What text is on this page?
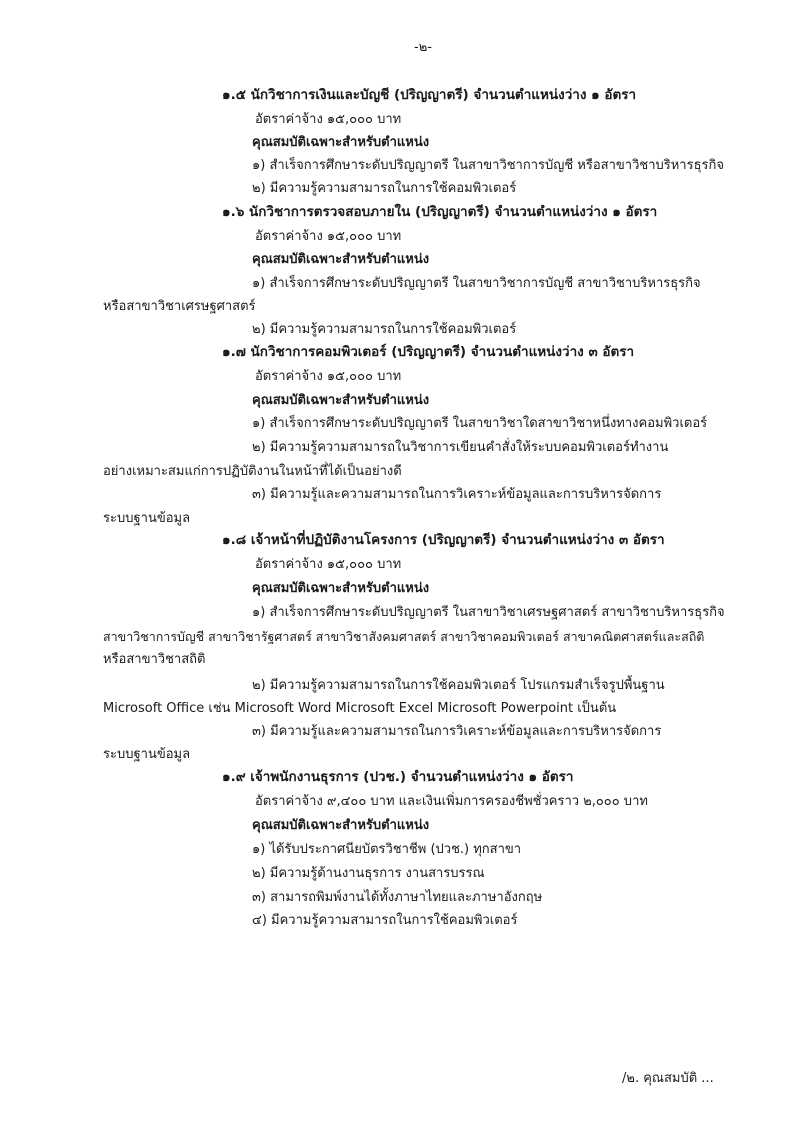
-๒-

๑.๕ นักวิชาการเงินและบัญชี (ปริญญาตรี) จำนวนตำแหน่งว่าง ๑ อัตรา

อัตราค่าจ้าง ๑๕,๐๐๐ บาท

คุณสมบัติเฉพาะสำหรับตำแหน่ง

๑) สำเร็จการศึกษาระดับปริญญาตรี ในสาขาวิชาการบัญชี หรือสาขาวิชาบริหารธุรกิจ

๒) มีความรู้ความสามารถในการใช้คอมพิวเตอร์

๑.๖ นักวิชาการตรวจสอบภายใน (ปริญญาตรี) จำนวนตำแหน่งว่าง ๑ อัตรา

อัตราค่าจ้าง ๑๕,๐๐๐ บาท

คุณสมบัติเฉพาะสำหรับตำแหน่ง

๑) สำเร็จการศึกษาระดับปริญญาตรี ในสาขาวิชาการบัญชี สาขาวิชาบริหารธุรกิจ

หรือสาขาวิชาเศรษฐศาสตร์

๒) มีความรู้ความสามารถในการใช้คอมพิวเตอร์

๑.๗ นักวิชาการคอมพิวเตอร์ (ปริญญาตรี) จำนวนตำแหน่งว่าง ๓ อัตรา

อัตราค่าจ้าง ๑๕,๐๐๐ บาท

คุณสมบัติเฉพาะสำหรับตำแหน่ง

๑) สำเร็จการศึกษาระดับปริญญาตรี ในสาขาวิชาใดสาขาวิชาหนึ่งทางคอมพิวเตอร์

๒) มีความรู้ความสามารถในวิชาการเขียนคำสั่งให้ระบบคอมพิวเตอร์ทำงาน

อย่างเหมาะสมแก่การปฏิบัติงานในหน้าที่ได้เป็นอย่างดี

๓) มีความรู้และความสามารถในการวิเคราะห์ข้อมูลและการบริหารจัดการ

ระบบฐานข้อมูล

๑.๘ เจ้าหน้าที่ปฏิบัติงานโครงการ (ปริญญาตรี) จำนวนตำแหน่งว่าง ๓ อัตรา

อัตราค่าจ้าง ๑๕,๐๐๐ บาท

คุณสมบัติเฉพาะสำหรับตำแหน่ง

๑) สำเร็จการศึกษาระดับปริญญาตรี ในสาขาวิชาเศรษฐศาสตร์ สาขาวิชาบริหารธุรกิจ

สาขาวิชาการบัญชี สาขาวิชารัฐศาสตร์ สาขาวิชาสังคมศาสตร์ สาขาวิชาคอมพิวเตอร์ สาขาคณิตศาสตร์และสถิติ

หรือสาขาวิชาสถิติ

๒) มีความรู้ความสามารถในการใช้คอมพิวเตอร์ โปรแกรมสำเร็จรูปพื้นฐาน

Microsoft Office เช่น Microsoft Word Microsoft Excel Microsoft Powerpoint เป็นต้น

๓) มีความรู้และความสามารถในการวิเคราะห์ข้อมูลและการบริหารจัดการ

ระบบฐานข้อมูล

๑.๙ เจ้าพนักงานธุรการ (ปวช.) จำนวนตำแหน่งว่าง ๑ อัตรา

อัตราค่าจ้าง ๙,๔๐๐ บาท และเงินเพิ่มการครองชีพชั่วคราว ๒,๐๐๐ บาท

คุณสมบัติเฉพาะสำหรับตำแหน่ง

๑) ได้รับประกาศนียบัตรวิชาชีพ (ปวช.) ทุกสาขา

๒) มีความรู้ด้านงานธุรการ งานสารบรรณ

๓) สามารถพิมพ์งานได้ทั้งภาษาไทยและภาษาอังกฤษ

๔) มีความรู้ความสามารถในการใช้คอมพิวเตอร์

/๒. คุณสมบัติ ...
